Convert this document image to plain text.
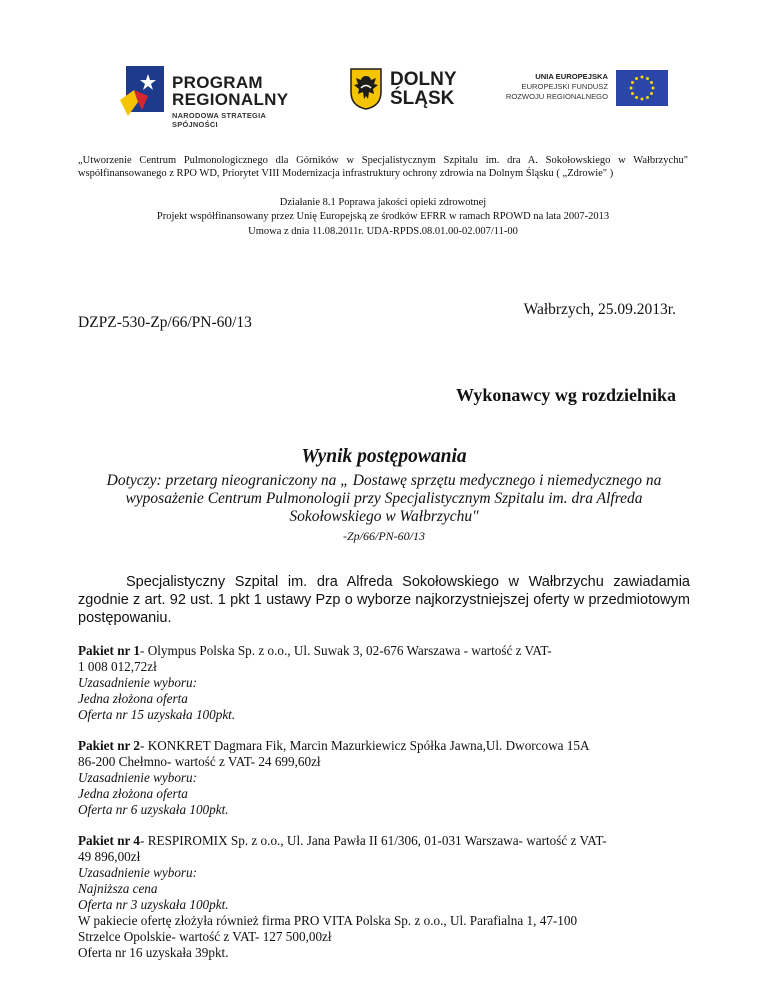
PROGRAM
REGIONALNY
NARODOWA STRATEGIA SPÓJNOŚCI
DOLNY
ŚLĄSK
UNIA EUROPEJSKA
EUROPEJSKI FUNDUSZ
ROZWOJU REGIONALNEGO
„Utworzenie Centrum Pulmonologicznego dla Górników w Specjalistycznym Szpitalu im. dra A. Sokołowskiego w Wałbrzychu" współfinansowanego z RPO WD, Priorytet VIII Modernizacja infrastruktury ochrony zdrowia na Dolnym Śląsku ( „Zdrowie" )
Działanie 8.1 Poprawa jakości opieki zdrowotnej
Projekt współfinansowany przez Unię Europejską ze środków EFRR w ramach RPOWD na lata 2007-2013
Umowa z dnia 11.08.2011r. UDA-RPDS.08.01.00-02.007/11-00

Wałbrzych, 25.09.2013r.

DZPZ-530-Zp/66/PN-60/13

Wykonawcy wg rozdzielnika

Wynik postępowania

Dotyczy: przetarg nieograniczony na „ Dostawę sprzętu medycznego i niemedycznego na wyposażenie Centrum Pulmonologii przy Specjalistycznym Szpitalu im. dra Alfreda Sokołowskiego w Wałbrzychu"

-Zp/66/PN-60/13

Specjalistyczny Szpital im. dra Alfreda Sokołowskiego w Wałbrzychu zawiadamia zgodnie z art. 92 ust. 1 pkt 1 ustawy Pzp o wyborze najkorzystniejszej oferty w przedmiotowym postępowaniu.

Pakiet nr 1- Olympus Polska Sp. z o.o., Ul. Suwak 3, 02-676 Warszawa - wartość z VAT-
1 008 012,72zł
Uzasadnienie wyboru:
Jedna złożona oferta
Oferta nr 15 uzyskała 100pkt.
Pakiet nr 2- KONKRET Dagmara Fik, Marcin Mazurkiewicz Spółka Jawna,Ul. Dworcowa 15A
86-200 Chełmno- wartość z VAT- 24 699,60zł
Uzasadnienie wyboru:
Jedna złożona oferta
Oferta nr 6 uzyskała 100pkt.
Pakiet nr 4- RESPIROMIX Sp. z o.o., Ul. Jana Pawła II 61/306, 01-031 Warszawa- wartość z VAT-
49 896,00zł
Uzasadnienie wyboru:
Najniższa cena
Oferta nr 3 uzyskała 100pkt.
W pakiecie ofertę złożyła również firma PRO VITA Polska Sp. z o.o., Ul. Parafialna 1, 47-100
Strzelce Opolskie- wartość z VAT- 127 500,00zł
Oferta nr 16 uzyskała 39pkt.
